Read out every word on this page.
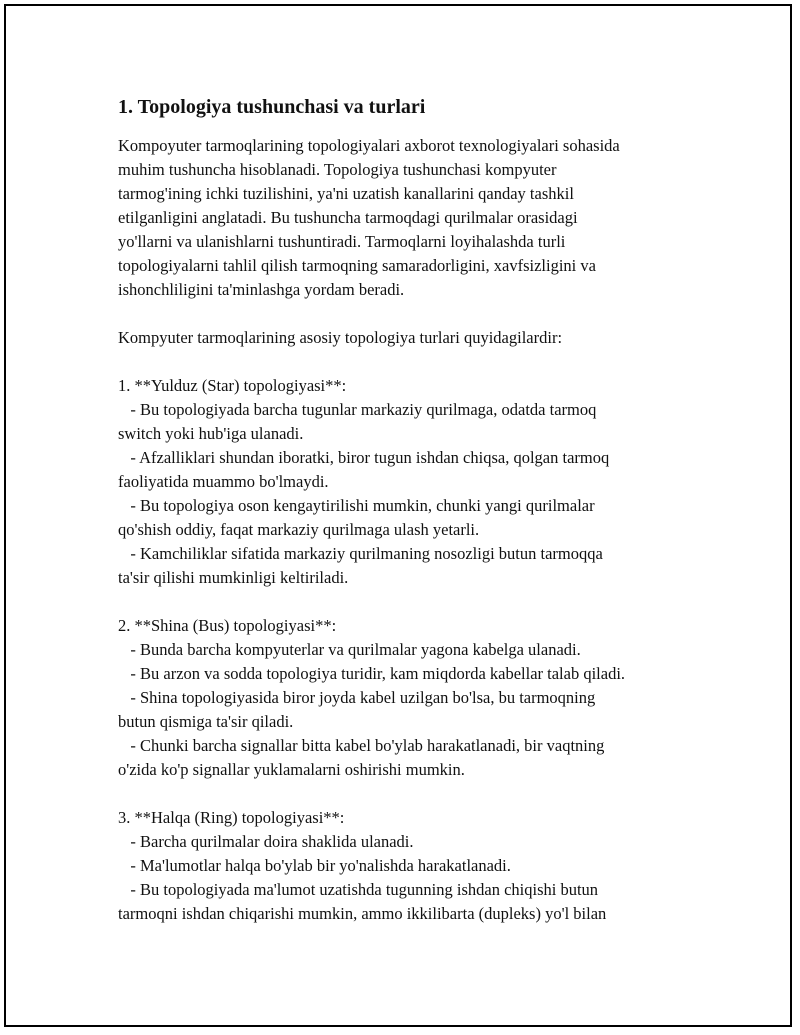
1. Topologiya tushunchasi va turlari
Kompoyuter tarmoqlarining topologiyalari axborot texnologiyalari sohasida
muhim tushuncha hisoblanadi. Topologiya tushunchasi kompyuter
tarmog'ining ichki tuzilishini, ya'ni uzatish kanallarini qanday tashkil
etilganligini anglatadi. Bu tushuncha tarmoqdagi qurilmalar orasidagi
yo'llarni va ulanishlarni tushuntiradi. Tarmoqlarni loyihalashda turli
topologiyalarni tahlil qilish tarmoqning samaradorligini, xavfsizligini va
ishonchliligini ta'minlashga yordam beradi.
Kompyuter tarmoqlarining asosiy topologiya turlari quyidagilardir:
1. **Yulduz (Star) topologiyasi**:
- Bu topologiyada barcha tugunlar markaziy qurilmaga, odatda tarmoq
switch yoki hub'iga ulanadi.
- Afzalliklari shundan iboratki, biror tugun ishdan chiqsa, qolgan tarmoq
faoliyatida muammo bo'lmaydi.
- Bu topologiya oson kengaytirilishi mumkin, chunki yangi qurilmalar
qo'shish oddiy, faqat markaziy qurilmaga ulash yetarli.
- Kamchiliklar sifatida markaziy qurilmaning nosozligi butun tarmoqqa
ta'sir qilishi mumkinligi keltiriladi.
2. **Shina (Bus) topologiyasi**:
- Bunda barcha kompyuterlar va qurilmalar yagona kabelga ulanadi.
- Bu arzon va sodda topologiya turidir, kam miqdorda kabellar talab qiladi.
- Shina topologiyasida biror joyda kabel uzilgan bo'lsa, bu tarmoqning
butun qismiga ta'sir qiladi.
- Chunki barcha signallar bitta kabel bo'ylab harakatlanadi, bir vaqtning
o'zida ko'p signallar yuklamalarni oshirishi mumkin.
3. **Halqa (Ring) topologiyasi**:
- Barcha qurilmalar doira shaklida ulanadi.
- Ma'lumotlar halqa bo'ylab bir yo'nalishda harakatlanadi.
- Bu topologiyada ma'lumot uzatishda tugunning ishdan chiqishi butun
tarmoqni ishdan chiqarishi mumkin, ammo ikkilibarta (dupleks) yo'l bilan
